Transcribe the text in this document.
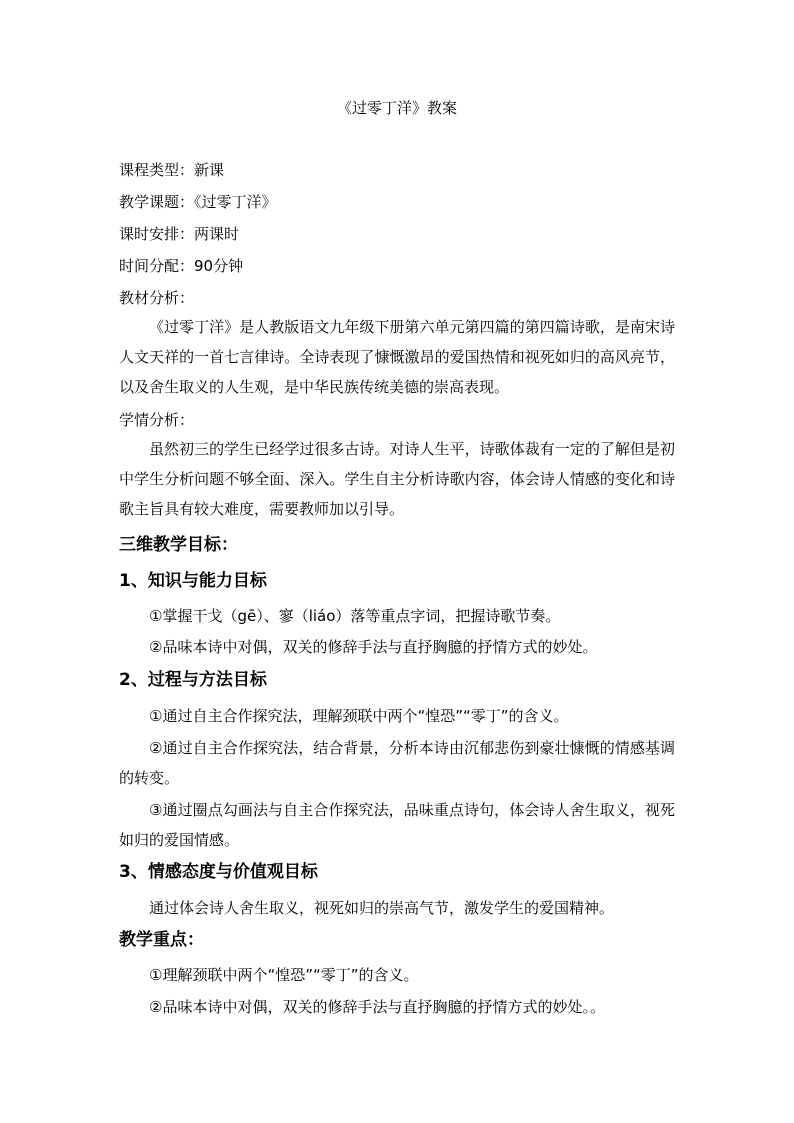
《过零丁洋》教案
课程类型：新课
教学课题：《过零丁洋》
课时安排：两课时
时间分配：90分钟
教材分析：
《过零丁洋》是人教版语文九年级下册第六单元第四篇的第四篇诗歌，是南宋诗人文天祥的一首七言律诗。全诗表现了慷慨激昂的爱国热情和视死如归的高风亮节，以及舍生取义的人生观，是中华民族传统美德的崇高表现。
学情分析：
虽然初三的学生已经学过很多古诗。对诗人生平，诗歌体裁有一定的了解但是初中学生分析问题不够全面、深入。学生自主分析诗歌内容，体会诗人情感的变化和诗歌主旨具有较大难度，需要教师加以引导。
三维教学目标：
1、知识与能力目标
①掌握干戈（gē）、寥（liáo）落等重点字词，把握诗歌节奏。
②品味本诗中对偶，双关的修辞手法与直抒胸臆的抒情方式的妙处。
2、过程与方法目标
①通过自主合作探究法，理解颈联中两个“惶恐”“零丁”的含义。
②通过自主合作探究法，结合背景，分析本诗由沉郁悲伤到豪壮慷慨的情感基调的转变。
③通过圈点勾画法与自主合作探究法，品味重点诗句，体会诗人舍生取义，视死如归的爱国情感。
3、情感态度与价值观目标
通过体会诗人舍生取义，视死如归的崇高气节，激发学生的爱国精神。
教学重点：
①理解颈联中两个“惶恐”“零丁”的含义。
②品味本诗中对偶，双关的修辞手法与直抒胸臆的抒情方式的妙处。。
